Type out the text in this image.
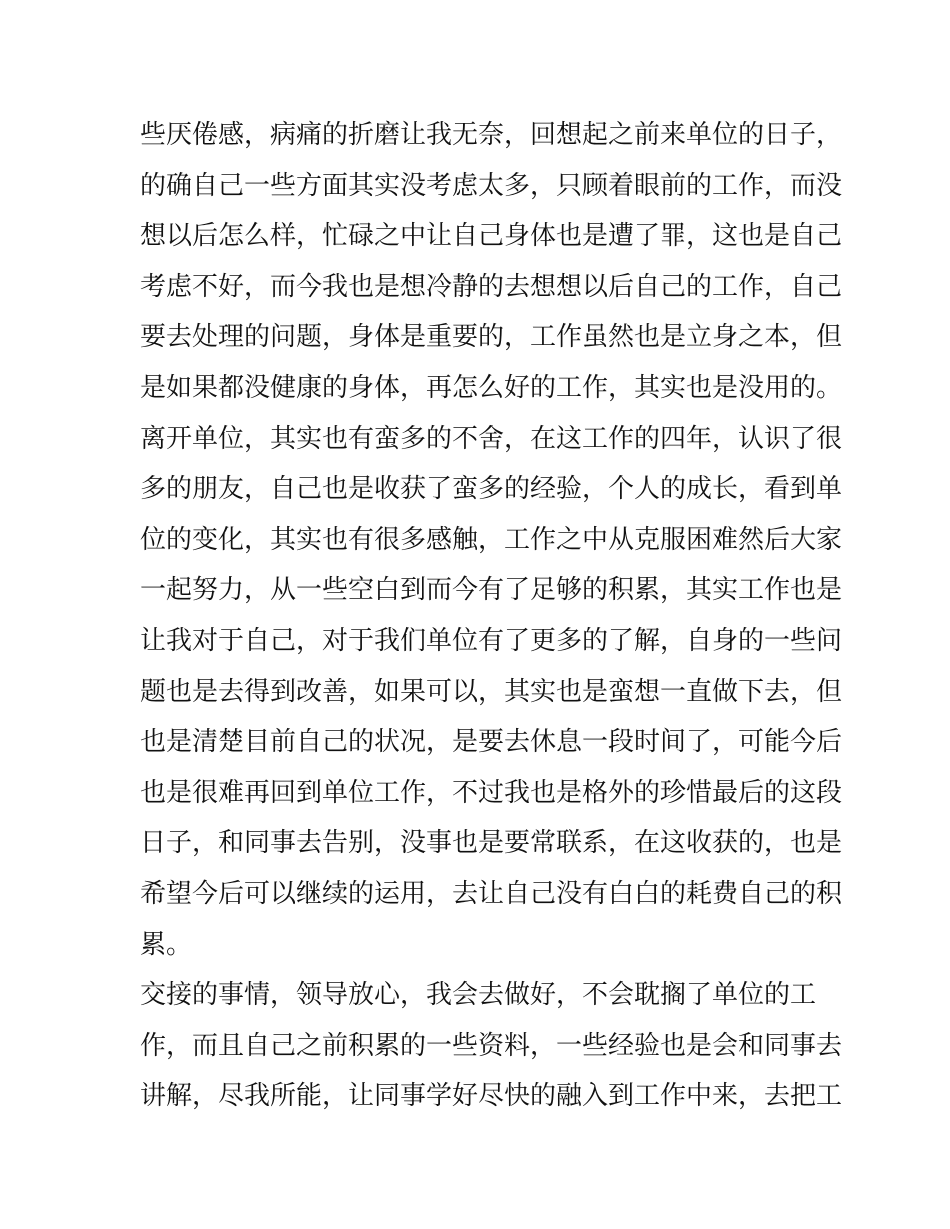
些厌倦感，病痛的折磨让我无奈，回想起之前来单位的日子，
的确自己一些方面其实没考虑太多，只顾着眼前的工作，而没
想以后怎么样，忙碌之中让自己身体也是遭了罪，这也是自己
考虑不好，而今我也是想冷静的去想想以后自己的工作，自己
要去处理的问题，身体是重要的，工作虽然也是立身之本，但
是如果都没健康的身体，再怎么好的工作，其实也是没用的。
离开单位，其实也有蛮多的不舍，在这工作的四年，认识了很
多的朋友，自己也是收获了蛮多的经验，个人的成长，看到单
位的变化，其实也有很多感触，工作之中从克服困难然后大家
一起努力，从一些空白到而今有了足够的积累，其实工作也是
让我对于自己，对于我们单位有了更多的了解，自身的一些问
题也是去得到改善，如果可以，其实也是蛮想一直做下去，但
也是清楚目前自己的状况，是要去休息一段时间了，可能今后
也是很难再回到单位工作，不过我也是格外的珍惜最后的这段
日子，和同事去告别，没事也是要常联系，在这收获的，也是
希望今后可以继续的运用，去让自己没有白白的耗费自己的积
累。
交接的事情，领导放心，我会去做好，不会耽搁了单位的工
作，而且自己之前积累的一些资料，一些经验也是会和同事去
讲解，尽我所能，让同事学好尽快的融入到工作中来，去把工
